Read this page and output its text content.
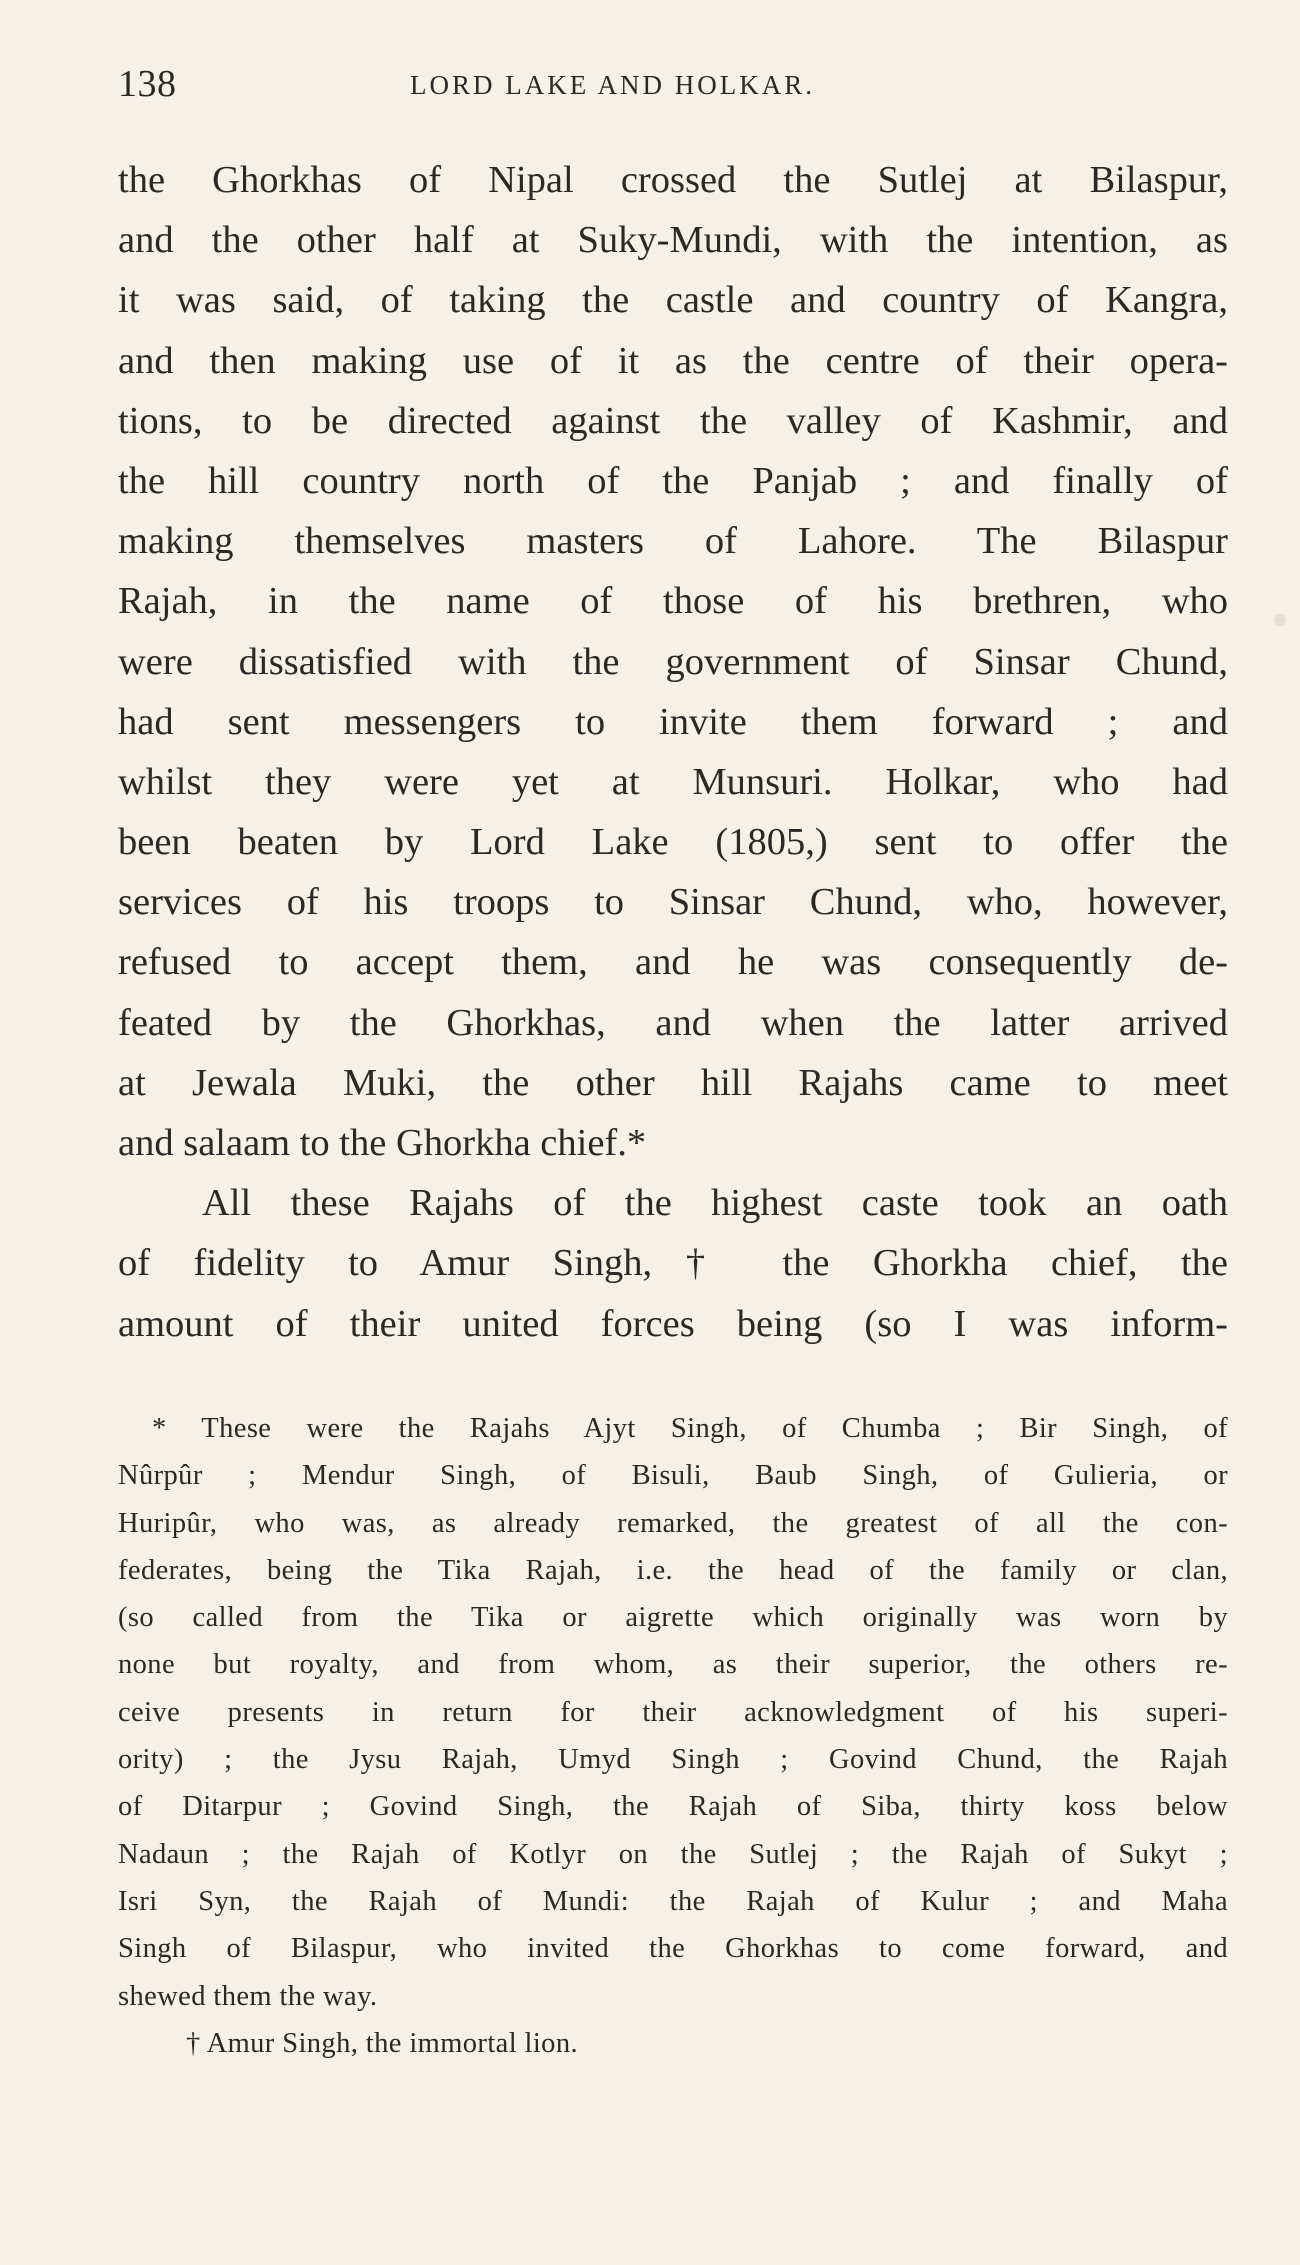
138	LORD LAKE AND HOLKAR.
the Ghorkhas of Nipal crossed the Sutlej at Bilaspur,
and the other half at Suky-Mundi, with the intention, as
it was said, of taking the castle and country of Kangra,
and then making use of it as the centre of their opera-
tions, to be directed against the valley of Kashmir, and
the hill country north of the Panjab ; and finally of
making themselves masters of Lahore. The Bilaspur
Rajah, in the name of those of his brethren, who
were dissatisfied with the government of Sinsar Chund,
had sent messengers to invite them forward ; and
whilst they were yet at Munsuri. Holkar, who had
been beaten by Lord Lake (1805,) sent to offer the
services of his troops to Sinsar Chund, who, however,
refused to accept them, and he was consequently de-
feated by the Ghorkhas, and when the latter arrived
at Jewala Muki, the other hill Rajahs came to meet
and salaam to the Ghorkha chief.*
All these Rajahs of the highest caste took an oath
of fidelity to Amur Singh,† the Ghorkha chief, the
amount of their united forces being (so I was inform-
* These were the Rajahs Ajyt Singh, of Chumba ; Bir Singh, of
Nûrpûr ; Mendur Singh, of Bisuli, Baub Singh, of Gulieria, or
Huripûr, who was, as already remarked, the greatest of all the con-
federates, being the Tika Rajah, i.e. the head of the family or clan,
(so called from the Tika or aigrette which originally was worn by
none but royalty, and from whom, as their superior, the others re-
ceive presents in return for their acknowledgment of his superi-
ority) ; the Jysu Rajah, Umyd Singh ; Govind Chund, the Rajah
of Ditarpur ; Govind Singh, the Rajah of Siba, thirty koss below
Nadaun ; the Rajah of Kotlyr on the Sutlej ; the Rajah of Sukyt ;
Isri Syn, the Rajah of Mundi: the Rajah of Kulur ; and Maha
Singh of Bilaspur, who invited the Ghorkhas to come forward, and
shewed them the way.
† Amur Singh, the immortal lion.
